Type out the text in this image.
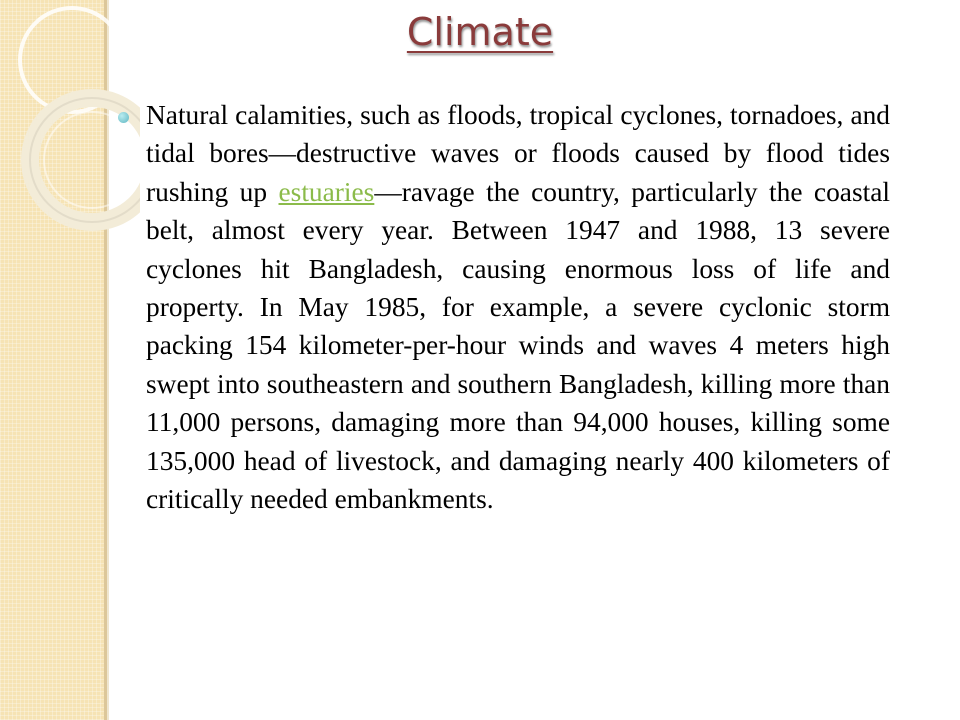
Climate

Natural calamities, such as floods, tropical cyclones, tornadoes, and tidal bores—destructive waves or floods caused by flood tides rushing up estuaries—ravage the country, particularly the coastal belt, almost every year. Between 1947 and 1988, 13 severe cyclones hit Bangladesh, causing enormous loss of life and property. In May 1985, for example, a severe cyclonic storm packing 154 kilometer-per-hour winds and waves 4 meters high swept into southeastern and southern Bangladesh, killing more than 11,000 persons, damaging more than 94,000 houses, killing some 135,000 head of livestock, and damaging nearly 400 kilometers of critically needed embankments.
